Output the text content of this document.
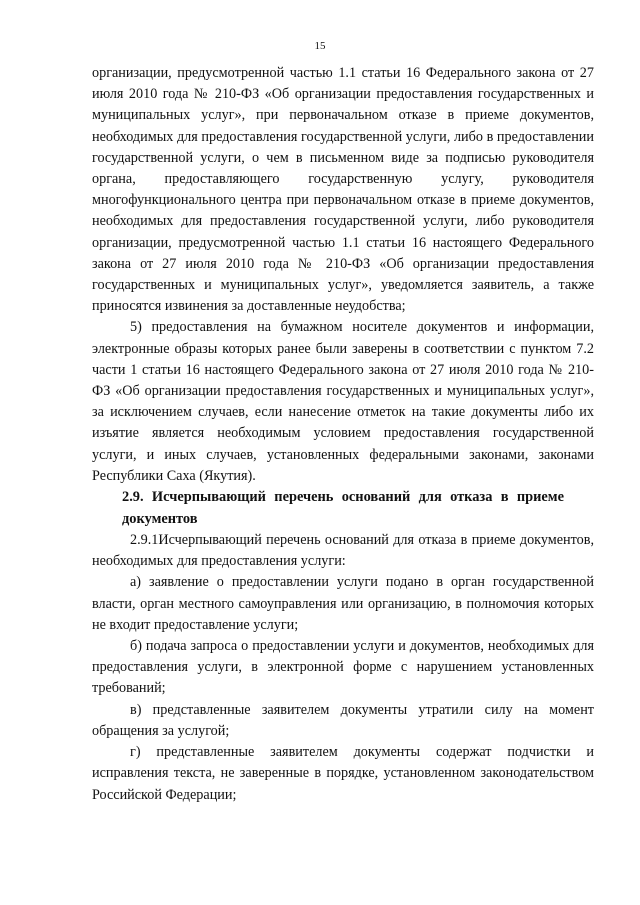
15

организации, предусмотренной частью 1.1 статьи 16 Федерального закона от 27 июля 2010 года № 210-ФЗ «Об организации предоставления государственных и муниципальных услуг», при первоначальном отказе в приеме документов, необходимых для предоставления государственной услуги, либо в предоставлении государственной услуги, о чем в письменном виде за подписью руководителя органа, предоставляющего государственную услугу, руководителя многофункционального центра при первоначальном отказе в приеме документов, необходимых для предоставления государственной услуги, либо руководителя организации, предусмотренной частью 1.1 статьи 16 настоящего Федерального закона от 27 июля 2010 года № 210-ФЗ «Об организации предоставления государственных и муниципальных услуг», уведомляется заявитель, а также приносятся извинения за доставленные неудобства;

5) предоставления на бумажном носителе документов и информации, электронные образы которых ранее были заверены в соответствии с пунктом 7.2 части 1 статьи 16 настоящего Федерального закона от 27 июля 2010 года № 210-ФЗ «Об организации предоставления государственных и муниципальных услуг», за исключением случаев, если нанесение отметок на такие документы либо их изъятие является необходимым условием предоставления государственной услуги, и иных случаев, установленных федеральными законами, законами Республики Саха (Якутия).

2.9. Исчерпывающий перечень оснований для отказа в приеме документов

2.9.1Исчерпывающий перечень оснований для отказа в приеме документов, необходимых для предоставления услуги:

а) заявление о предоставлении услуги подано в орган государственной власти, орган местного самоуправления или организацию, в полномочия которых не входит предоставление услуги;

б) подача запроса о предоставлении услуги и документов, необходимых для предоставления услуги, в электронной форме с нарушением установленных требований;

в) представленные заявителем документы утратили силу на момент обращения за услугой;

г) представленные заявителем документы содержат подчистки и исправления текста, не заверенные в порядке, установленном законодательством Российской Федерации;
